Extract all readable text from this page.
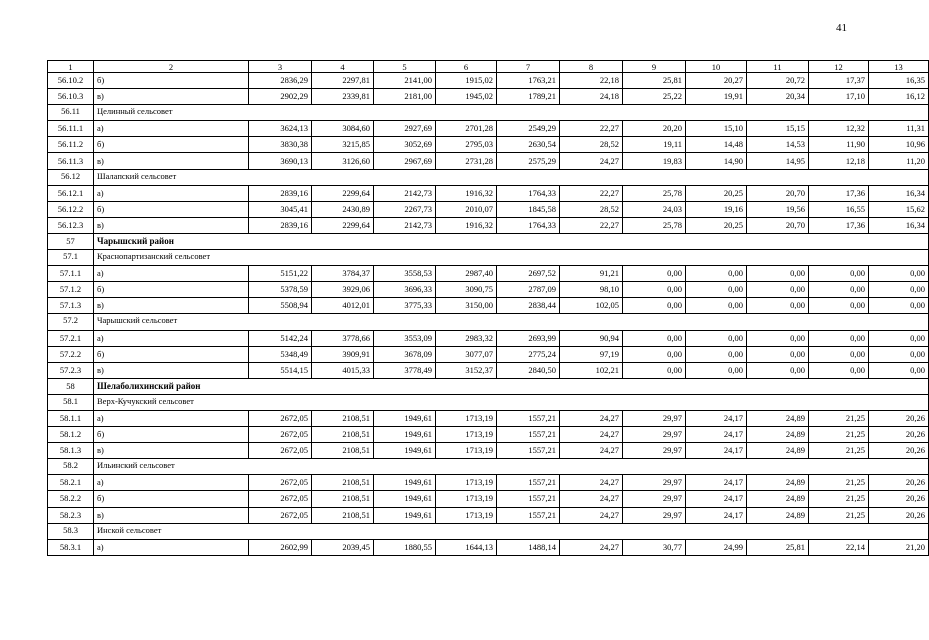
41
1	2	3	4	5	6	7	8	9	10	11	12	13
56.10.2	б)	2836,29	2297,81	2141,00	1915,02	1763,21	22,18	25,81	20,27	20,72	17,37	16,35
56.10.3	в)	2902,29	2339,81	2181,00	1945,02	1789,21	24,18	25,22	19,91	20,34	17,10	16,12
56.11	Целинный сельсовет											
56.11.1	а)	3624,13	3084,60	2927,69	2701,28	2549,29	22,27	20,20	15,10	15,15	12,32	11,31
56.11.2	б)	3830,38	3215,85	3052,69	2795,03	2630,54	28,52	19,11	14,48	14,53	11,90	10,96
56.11.3	в)	3690,13	3126,60	2967,69	2731,28	2575,29	24,27	19,83	14,90	14,95	12,18	11,20
56.12	Шалапский сельсовет											
56.12.1	а)	2839,16	2299,64	2142,73	1916,32	1764,33	22,27	25,78	20,25	20,70	17,36	16,34
56.12.2	б)	3045,41	2430,89	2267,73	2010,07	1845,58	28,52	24,03	19,16	19,56	16,55	15,62
56.12.3	в)	2839,16	2299,64	2142,73	1916,32	1764,33	22,27	25,78	20,25	20,70	17,36	16,34
57	Чарышский район											
57.1	Краснопартизанский сельсовет											
57.1.1	а)	5151,22	3784,37	3558,53	2987,40	2697,52	91,21	0,00	0,00	0,00	0,00	0,00
57.1.2	б)	5378,59	3929,06	3696,33	3090,75	2787,09	98,10	0,00	0,00	0,00	0,00	0,00
57.1.3	в)	5508,94	4012,01	3775,33	3150,00	2838,44	102,05	0,00	0,00	0,00	0,00	0,00
57.2	Чарышский сельсовет											
57.2.1	а)	5142,24	3778,66	3553,09	2983,32	2693,99	90,94	0,00	0,00	0,00	0,00	0,00
57.2.2	б)	5348,49	3909,91	3678,09	3077,07	2775,24	97,19	0,00	0,00	0,00	0,00	0,00
57.2.3	в)	5514,15	4015,33	3778,49	3152,37	2840,50	102,21	0,00	0,00	0,00	0,00	0,00
58	Шелаболихинский район											
58.1	Верх-Кучукский сельсовет											
58.1.1	а)	2672,05	2108,51	1949,61	1713,19	1557,21	24,27	29,97	24,17	24,89	21,25	20,26
58.1.2	б)	2672,05	2108,51	1949,61	1713,19	1557,21	24,27	29,97	24,17	24,89	21,25	20,26
58.1.3	в)	2672,05	2108,51	1949,61	1713,19	1557,21	24,27	29,97	24,17	24,89	21,25	20,26
58.2	Ильинский сельсовет											
58.2.1	а)	2672,05	2108,51	1949,61	1713,19	1557,21	24,27	29,97	24,17	24,89	21,25	20,26
58.2.2	б)	2672,05	2108,51	1949,61	1713,19	1557,21	24,27	29,97	24,17	24,89	21,25	20,26
58.2.3	в)	2672,05	2108,51	1949,61	1713,19	1557,21	24,27	29,97	24,17	24,89	21,25	20,26
58.3	Инской сельсовет											
58.3.1	а)	2602,99	2039,45	1880,55	1644,13	1488,14	24,27	30,77	24,99	25,81	22,14	21,20
